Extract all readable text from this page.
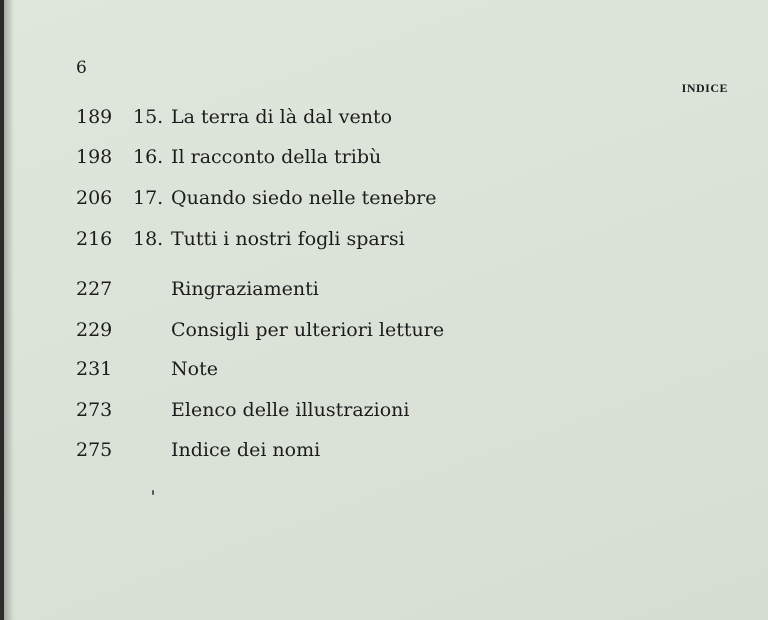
6
INDICE
189	15. La terra di là dal vento
198	16. Il racconto della tribù
206	17. Quando siedo nelle tenebre
216	18. Tutti i nostri fogli sparsi
227	Ringraziamenti
229	Consigli per ulteriori letture
231	Note
273	Elenco delle illustrazioni
275	Indice dei nomi
